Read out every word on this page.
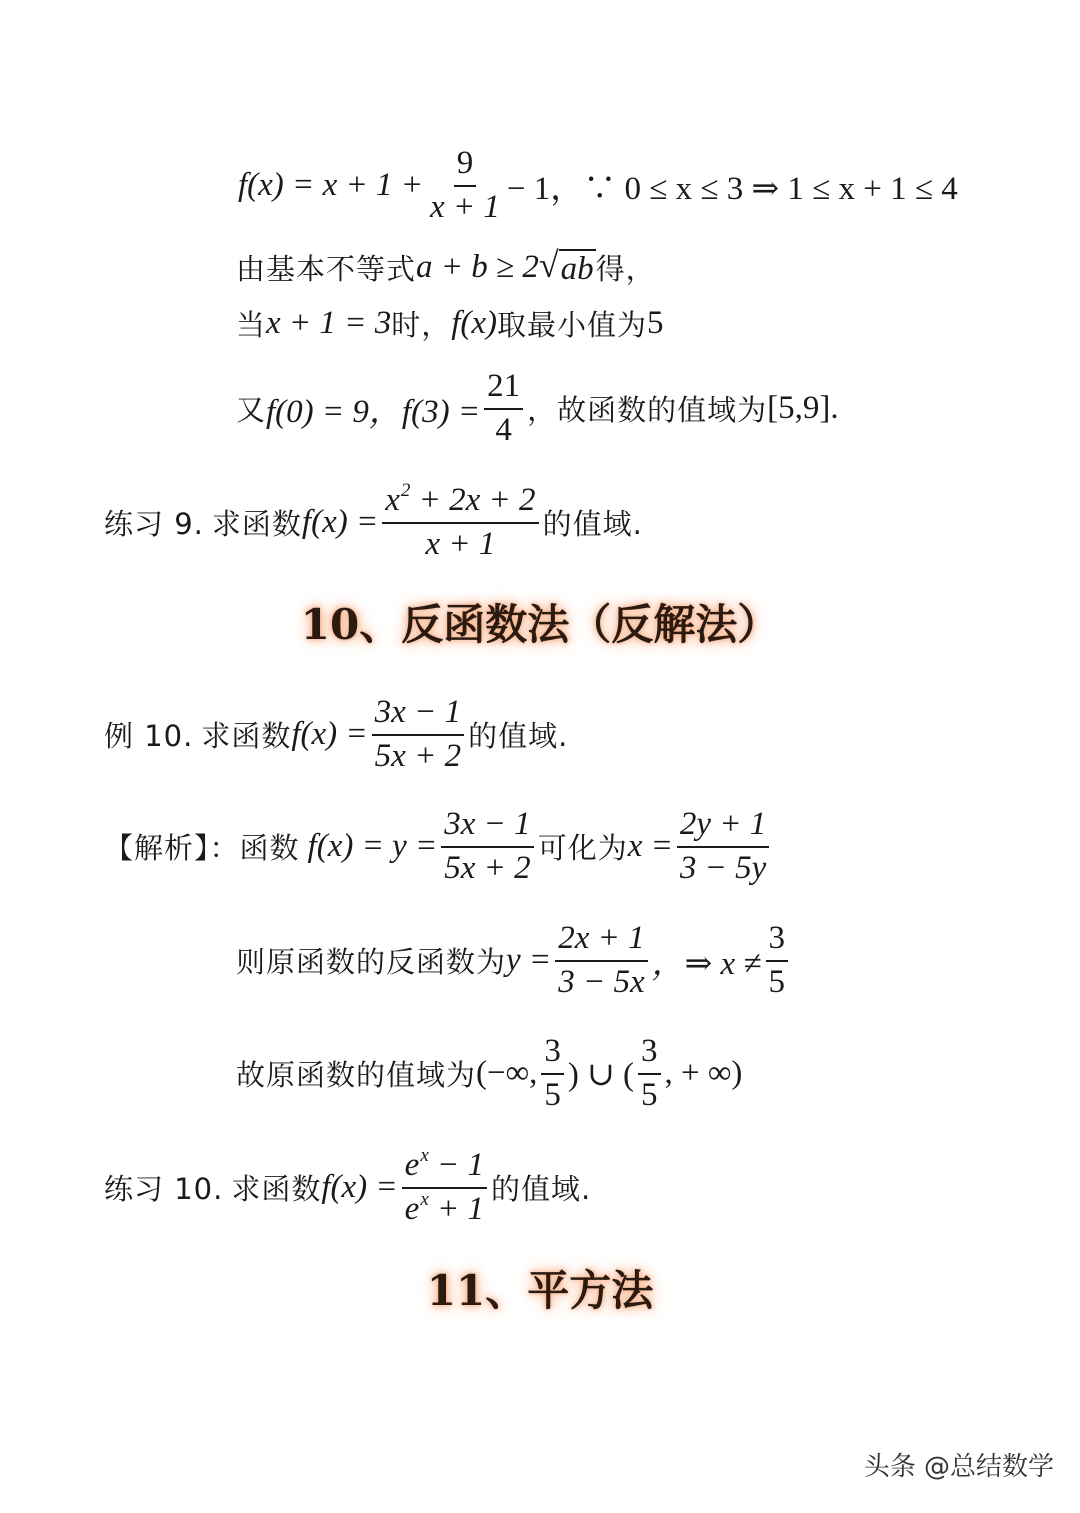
$f(x) = x + 1 + \frac{9}{x + 1} - 1$，∵ 0 ≤ x ≤ 3 ⇒ 1 ≤ x + 1 ≤ 4
由基本不等式 a + b ≥ 2 √ ab 得，
当 x + 1 = 3 时， f(x) 取最小值为 5
又 f(0) = 9，$f(3) = \frac{21}{4}$ ，故函数的值域为 [5,9].
练习 9. 求函数 $f(x) = \frac{x^2 + 2x + 2}{x + 1}$ 的值域.
10、反函数法（反解法）
例 10. 求函数 $f(x) = \frac{3x - 1}{5x + 2}$ 的值域.
【解析】： 函数 $f(x) = y = \frac{3x - 1}{5x + 2}$ 可化为 $x = \frac{2y + 1}{3 - 5y}$
则原函数的反函数为 $y = \frac{2x + 1}{3 - 5x}$ ，⇒ $x \ne \frac{3}{5}$
故原函数的值域为 (−∞, $\frac{3}{5}$ ) ∪ ( $\frac{3}{5}$ , + ∞)
练习 10. 求函数 $f(x) = \frac{e^x - 1}{e^x + 1}$ 的值域.
11、平方法
头条 @总结数学
